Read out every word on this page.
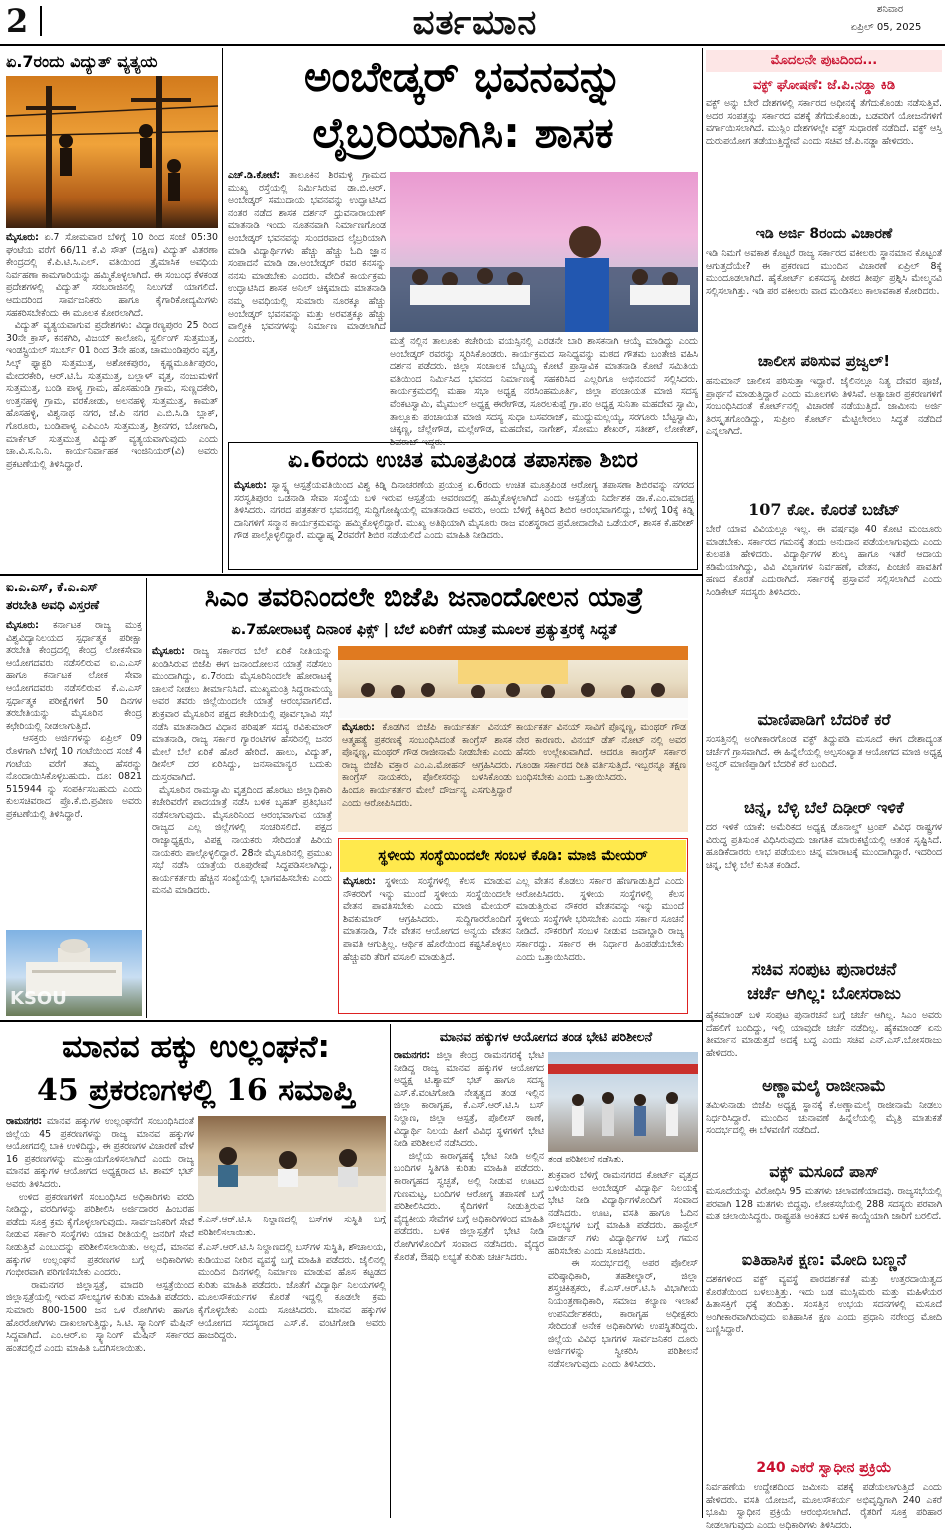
2	ವರ್ತಮಾನ	ಶನಿವಾರ
ಏಪ್ರಿಲ್ 05, 2025
ಏ.7ರಂದು ವಿದ್ಯುತ್ ವ್ಯತ್ಯಯ
ಮೈಸೂರು: ಏ.7 ಸೋಮವಾರ ಬೆಳಿಗ್ಗೆ 10 ರಿಂದ ಸಂಜೆ 05:30 ಘಂಟೆಯ ವರೆಗೆ 66/11 ಕೆ.ವಿ ಸೌತ್ (ದಕ್ಷಿಣ) ವಿದ್ಯುತ್ ವಿತರಣಾ ಕೇಂದ್ರದಲ್ಲಿ ಕೆ.ಪಿ.ಟಿ.ಸಿ.ಎಲ್. ವತಿಯಿಂದ ತ್ರೈಮಾಸಿಕ ಅವಧಿಯ ನಿರ್ವಹಣಾ ಕಾಮಗಾರಿಯನ್ನು ಹಮ್ಮಿಕೊಳ್ಳಲಾಗಿದೆ. ಈ ಸಂಬಂಧ ಕೆಳಕಂಡ ಪ್ರದೇಶಗಳಲ್ಲಿ ವಿದ್ಯುತ್ ಸರಬರಾಜಿನಲ್ಲಿ ನಿಲುಗಡೆ ಯಾಗಲಿದೆ. ಆದುದರಿಂದ ಸಾರ್ವಜನಿಕರು ಹಾಗೂ ಕೈಗಾರಿಕೋದ್ಯಮಿಗಳು ಸಹಕರಿಸಬೇಕೆಂದು ಈ ಮೂಲಕ ಕೋರಲಾಗಿದೆ.
ವಿದ್ಯುತ್ ವ್ಯತ್ಯಯವಾಗುವ ಪ್ರದೇಶಗಳು: ವಿದ್ಯಾರಣ್ಯಪುರಂ 25 ರಿಂದ 30ನೇ ಕ್ರಾಸ್, ಕನಕಗಿರಿ, ವಿಜಯ್ ಕಾಲೋನಿ, ಸ್ಟರ್ಲಿಂಗ್ ಸುತ್ತಮುತ್ತ, ಇಂಡಸ್ಟ್ರಿಯಲ್ ಸಬರ್ಬ್ 01 ರಿಂದ 3ನೇ ಹಂತ, ಚಾಮುಂಡಿಪುರಂ ವೃತ್ತ, ಸಿಲ್ಕ್ ಫ್ಯಾಕ್ಟರಿ ಸುತ್ತಮುತ್ತ, ಅಶೋಕಪುರಂ, ಕೃಷ್ಣಮೂರ್ತಿಪುರಂ, ಮೇದರಕೇರಿ, ಆರ್.ಟಿ.ಓ ಸುತ್ತಮುತ್ತ, ಬಲ್ಲಾಳ್ ವೃತ್ತ, ನಂಜುಮಳಿಗೆ ಸುತ್ತಮುತ್ತ, ಬಂಡಿ ಪಾಳ್ಯ ಗ್ರಾಮ, ಹೊಸಹುಂಡಿ ಗ್ರಾಮ, ಸುಣ್ಣದಕೇರಿ, ಉತ್ತನಹಳ್ಳಿ ಗ್ರಾಮ, ವರಕೋಡು, ಅಲನಹಳ್ಳಿ ಸುತ್ತಮುತ್ತ, ಕಾಮತ್ ಹೊಸಹಳ್ಳಿ, ವಿಶ್ವನಾಥ ನಗರ, ಜೆ.ಪಿ ನಗರ ಎ.ಬಿ.ಸಿ.ಡಿ ಬ್ಲಾಕ್, ಗೊರೂರು, ಬಂಡಿಪಾಳ್ಯ ಎಪಿಎಂಸಿ ಸುತ್ತಮುತ್ತ, ಶ್ರೀನಗರ, ಬೋಗಾದಿ, ಮಾರ್ಕೆಟ್ ಸುತ್ತಮುತ್ತ ವಿದ್ಯುತ್ ವ್ಯತ್ಯಯವಾಗುವುದು ಎಂದು ಚಾ.ವಿ.ಸ.ನಿ.ನಿ. ಕಾರ್ಯನಿರ್ವಾಹಕ ಇಂಜಿನಿಯರ್(ವಿ) ಅವರು ಪ್ರಕಟಣೆಯಲ್ಲಿ ತಿಳಿಸಿದ್ದಾರೆ.
ಅಂಬೇಡ್ಕರ್ ಭವನವನ್ನು
ಲೈಬ್ರರಿಯಾಗಿಸಿ: ಶಾಸಕ
ಎಚ್.ಡಿ.ಕೋಟೆ: ತಾಲೂಕಿನ ಶಿರಮಳ್ಳಿ ಗ್ರಾಮದ ಮುಖ್ಯ ರಸ್ತೆಯಲ್ಲಿ ನಿರ್ಮಿಸಿರುವ ಡಾ.ಬಿ.ಆರ್. ಅಂಬೇಡ್ಕರ್ ಸಮುದಾಯ ಭವನವನ್ನು ಉದ್ಘಾಟಿಸಿದ ನಂತರ ನಡೆದ ಶಾಸಕ ದರ್ಶನ್ ಧ್ರುವನಾರಾಯಣ್ ಮಾತನಾಡಿ ಇಂದು ನೂತನವಾಗಿ ನಿರ್ಮಾಣಗೊಂಡ ಅಂಬೇಡ್ಕರ್ ಭವನವನ್ನು ಸುಂದರವಾದ ಲೈಬ್ರರಿಯಾಗಿ ಮಾಡಿ ವಿದ್ಯಾರ್ಥಿಗಳು ಹೆಚ್ಚು ಹೆಚ್ಚು ಓದಿ ಜ್ಞಾನ ಸಂಪಾದನೆ ಮಾಡಿ ಡಾ.ಅಂಬೇಡ್ಕರ್ ರವರ ಕನಸನ್ನು ನನಸು ಮಾಡಬೇಕು ಎಂದರು. ವೇದಿಕೆ ಕಾರ್ಯಕ್ರಮ ಉದ್ಘಾಟಿಸಿದ ಶಾಸಕ ಅನಿಲ್ ಚಿಕ್ಕಮಾದು ಮಾತನಾಡಿ ನಮ್ಮ ಅವಧಿಯಲ್ಲಿ ಸುಮಾರು ನೂರಕ್ಕೂ ಹೆಚ್ಚು ಅಂಬೇಡ್ಕರ್ ಭವನವನ್ನು ಮತ್ತು ಅರವತ್ತಕ್ಕೂ ಹೆಚ್ಚು ವಾಲ್ಮೀಕಿ ಭವನಗಳನ್ನು ನಿರ್ಮಾಣ ಮಾಡಲಾಗಿದೆ ಎಂದರು.	ಮತ್ತೆ ನಲ್ಲಿನ ತಾಲೂಕು ಕಚೇರಿಯ ವಯಸ್ಸಿನಲ್ಲಿ ಎರಡನೇ ಬಾರಿ ಶಾಸಕನಾಗಿ ಆಯ್ಕೆ ಮಾಡಿದ್ದು ಎಂದು ಅಂಬೇಡ್ಕರ್ ರವರನ್ನು ಸ್ಮರಿಸಿಕೊಂಡರು. ಕಾರ್ಯಕ್ರಮದ ಸಾನಿಧ್ಯವನ್ನು ಮಠದ ಗೌತಮ ಬಂತೇಜಿ ವಹಿಸಿ ದರ್ಶನ ಪಡೆದರು. ಜಿಲ್ಲಾ ಸಂಚಾಲಕ ಬೆಟ್ಟಯ್ಯ ಕೋಟೆ ಪ್ರಾಸ್ತಾವಿಕ ಮಾತನಾಡಿ ಕೋಟೆ ಸಮಿತಿಯ ವತಿಯಿಂದ ನಿರ್ಮಿಸಿದ ಭವನದ ನಿರ್ಮಾಣಕ್ಕೆ ಸಹಕರಿಸಿದ ಎಲ್ಲರಿಗೂ ಅಭಿನಂದನೆ ಸಲ್ಲಿಸಿದರು. ಕಾರ್ಯಕ್ರಮದಲ್ಲಿ ಮಹಾ ಸಭಾ ಅಧ್ಯಕ್ಷ ನರಸಿಂಹಮೂರ್ತಿ, ಜಿಲ್ಲಾ ಪಂಚಾಯತ ಮಾಜಿ ಸದಸ್ಯ ವೆಂಕಟಸ್ವಾಮಿ, ಮೈಮುಲ್ ಅಧ್ಯಕ್ಷ ಈರೇಗೌಡ, ಸೂರಲಕುಪ್ಪೆ ಗ್ರಾ.ಪಂ ಅಧ್ಯಕ್ಷ ಸುನಿತಾ ಮಹದೇವ ಸ್ವಾಮಿ, ತಾಲ್ಲೂಕು ಪಂಚಾಯತ ಮಾಜಿ ಸದಸ್ಯ ಸುಧಾ ಬಸವರಾಜ್, ಮುದ್ದುಮಲ್ಲಯ್ಯ, ಸರಗೂರು ಬೆಟ್ಟಸ್ವಾಮಿ, ಚಿಕ್ಕಣ್ಣ, ಚೆಲ್ಲೇಗೌಡ, ಮಲ್ಲೇಗೌಡ, ಮಹದೇವ, ನಾಗೇಶ್, ಸೋಮು ಶೇಖರ್, ಸತೀಶ್, ಲೋಕೇಶ್, ಶಿವರಾಜ್ ಇದ್ದರು.
ಮೊದಲನೇ ಪುಟದಿಂದ...
ವಕ್ಫ್ ಘೋಷಣೆ: ಜೆ.ಪಿ.ನಡ್ಡಾ ಕಿಡಿ
ವಕ್ಫ್ ಅನ್ನು ಬೇರೆ ದೇಶಗಳಲ್ಲಿ ಸರ್ಕಾರದ ಅಧೀನಕ್ಕೆ ತೆಗೆದುಕೊಂಡು ನಡೆಸುತ್ತಿವೆ. ಅದರ ಸಂಪತ್ತನ್ನು ಸರ್ಕಾರದ ವಶಕ್ಕೆ ತೆಗೆದುಕೊಂಡು, ಬಡವರಿಗೆ ಯೋಜನೆಗಳಿಗೆ ವರ್ಗಾಯಿಸಲಾಗಿದೆ. ಮುಸ್ಲಿಂ ದೇಶಗಳಲ್ಲೇ ವಕ್ಫ್ ಸುಧಾರಣೆ ನಡೆದಿದೆ. ವಕ್ಫ್ ಆಸ್ತಿ ದುರುಪಯೋಗ ತಡೆಯುತ್ತಿದ್ದೇವೆ ಎಂದು ಸಚಿವ ಜೆ.ಪಿ.ನಡ್ಡಾ ಹೇಳಿದರು.
ಇಡಿ ಅರ್ಜಿ 8ರಂದು ವಿಚಾರಣೆ
ಇಡಿ ನಿಮಗೆ ಅವಕಾಶ ಕೊಟ್ಟರೆ ರಾಜ್ಯ ಸರ್ಕಾರದ ವಕೀಲರು ಸ್ಥಾನಮಾನ ಕೊಟ್ಟಂತೆ ಆಗುತ್ತದೆಯೇ? ಈ ಪ್ರಕರಣದ ಮುಂದಿನ ವಿಚಾರಣೆ ಏಪ್ರಿಲ್ 8ಕ್ಕೆ ಮುಂದೂಡಲಾಗಿದೆ. ಹೈಕೋರ್ಟ್ ಏಕಸದಸ್ಯ ಪೀಠದ ತೀರ್ಪು ಪ್ರಶ್ನಿಸಿ ಮೇಲ್ಮನವಿ ಸಲ್ಲಿಸಲಾಗಿತ್ತು. ಇಡಿ ಪರ ವಕೀಲರು ವಾದ ಮಂಡಿಸಲು ಕಾಲಾವಕಾಶ ಕೋರಿದರು.
ಚಾಲೀಸ ಪಠಿಸುವ ಪ್ರಜ್ವಲ್!
ಹನುಮಾನ್ ಚಾಲೀಸ ಪಠಿಸುತ್ತಾ ಇದ್ದಾರೆ. ಜೈಲಿನಲ್ಲೂ ನಿತ್ಯ ದೇವರ ಪೂಜೆ, ಪ್ರಾರ್ಥನೆ ಮಾಡುತ್ತಿದ್ದಾರೆ ಎಂದು ಮೂಲಗಳು ತಿಳಿಸಿವೆ. ಅತ್ಯಾಚಾರ ಪ್ರಕರಣಗಳಿಗೆ ಸಂಬಂಧಿಸಿದಂತೆ ಕೋರ್ಟ್‌ನಲ್ಲಿ ವಿಚಾರಣೆ ನಡೆಯುತ್ತಿದೆ. ಜಾಮೀನು ಅರ್ಜಿ ತಿರಸ್ಕೃತಗೊಂಡಿದ್ದು, ಸುಪ್ರೀಂ ಕೋರ್ಟ್ ಮೆಟ್ಟಿಲೇರಲು ಸಿದ್ಧತೆ ನಡೆದಿದೆ ಎನ್ನಲಾಗಿದೆ.
107 ಕೋ. ಕೊರತೆ ಬಜೆಟ್
ಬೇರೆ ಯಾವ ವಿವಿಯಲ್ಲೂ ಇಲ್ಲ. ಈ ವರ್ಷವೂ 40 ಕೋಟಿ ಮಂಜೂರು ಮಾಡಬೇಕು. ಸರ್ಕಾರದ ಗಮನಕ್ಕೆ ತಂದು ಅನುದಾನ ಪಡೆಯಲಾಗುವುದು ಎಂದು ಕುಲಪತಿ ಹೇಳಿದರು. ವಿದ್ಯಾರ್ಥಿಗಳ ಶುಲ್ಕ ಹಾಗೂ ಇತರೆ ಆದಾಯ ಕಡಿಮೆಯಾಗಿದ್ದು, ವಿವಿ ವಿಭಾಗಗಳ ನಿರ್ವಹಣೆ, ವೇತನ, ಪಿಂಚಣಿ ಪಾವತಿಗೆ ಹಣದ ಕೊರತೆ ಎದುರಾಗಿದೆ. ಸರ್ಕಾರಕ್ಕೆ ಪ್ರಸ್ತಾವನೆ ಸಲ್ಲಿಸಲಾಗಿದೆ ಎಂದು ಸಿಂಡಿಕೇಟ್ ಸದಸ್ಯರು ತಿಳಿಸಿದರು.
ಮಾಣಿಪಾಡಿಗೆ ಬೆದರಿಕೆ ಕರೆ
ಸಂಸತ್ತಿನಲ್ಲಿ ಅಂಗೀಕಾರಗೊಂಡ ವಕ್ಫ್ ತಿದ್ದುಪಡಿ ಮಸೂದೆ ಈಗ ದೇಶಾದ್ಯಂತ ಚರ್ಚೆಗೆ ಗ್ರಾಸವಾಗಿದೆ. ಈ ಹಿನ್ನೆಲೆಯಲ್ಲಿ ಅಲ್ಪಸಂಖ್ಯಾತ ಆಯೋಗದ ಮಾಜಿ ಅಧ್ಯಕ್ಷ ಅನ್ವರ್ ಮಾಣಿಪ್ಪಾಡಿಗೆ ಬೆದರಿಕೆ ಕರೆ ಬಂದಿದೆ.
ಚಿನ್ನ, ಬೆಳ್ಳಿ ಬೆಲೆ ದಿಢೀರ್ ಇಳಿಕೆ
ದರ ಇಳಿಕೆ ಯಾಕೆ: ಅಮೆರಿಕದ ಅಧ್ಯಕ್ಷ ಡೊನಾಲ್ಡ್ ಟ್ರಂಪ್ ವಿವಿಧ ರಾಷ್ಟ್ರಗಳ ವಿರುದ್ಧ ಪ್ರತಿಸುಂಕ ವಿಧಿಸಿರುವುದು ಜಾಗತಿಕ ಮಾರುಕಟ್ಟೆಯಲ್ಲಿ ಆತಂಕ ಸೃಷ್ಟಿಸಿದೆ. ಹೂಡಿಕೆದಾರರು ಲಾಭ ಪಡೆಯಲು ಚಿನ್ನ ಮಾರಾಟಕ್ಕೆ ಮುಂದಾಗಿದ್ದಾರೆ. ಇದರಿಂದ ಚಿನ್ನ, ಬೆಳ್ಳಿ ಬೆಲೆ ಕುಸಿತ ಕಂಡಿದೆ.
ಸಚಿವ ಸಂಪುಟ ಪುನಾರಚನೆ
ಚರ್ಚೆ ಆಗಿಲ್ಲ: ಬೋಸರಾಜು
ಹೈಕಮಾಂಡ್ ಬಳಿ ಸಂಪುಟ ಪುನಾರಚನೆ ಬಗ್ಗೆ ಚರ್ಚೆ ಆಗಿಲ್ಲ. ಸಿಎಂ ಅವರು ದೆಹಲಿಗೆ ಬಂದಿದ್ದು, ಇಲ್ಲಿ ಯಾವುದೇ ಚರ್ಚೆ ನಡೆದಿಲ್ಲ. ಹೈಕಮಾಂಡ್ ಏನು ತೀರ್ಮಾನ ಮಾಡುತ್ತದೆ ಅದಕ್ಕೆ ಬದ್ಧ ಎಂದು ಸಚಿವ ಎನ್.ಎಸ್.ಬೋಸರಾಜು ಹೇಳಿದರು.
ಅಣ್ಣಾಮಲೈ ರಾಜೀನಾಮೆ
ತಮಿಳುನಾಡು ಬಿಜೆಪಿ ಅಧ್ಯಕ್ಷ ಸ್ಥಾನಕ್ಕೆ ಕೆ.ಅಣ್ಣಾಮಲೈ ರಾಜೀನಾಮೆ ನೀಡಲು ನಿರ್ಧರಿಸಿದ್ದಾರೆ. ಮುಂದಿನ ಚುನಾವಣೆ ಹಿನ್ನೆಲೆಯಲ್ಲಿ ಮೈತ್ರಿ ಮಾತುಕತೆ ಸಂದರ್ಭದಲ್ಲಿ ಈ ಬೆಳವಣಿಗೆ ನಡೆದಿದೆ.
ವಕ್ಫ್ ಮಸೂದೆ ಪಾಸ್
ಮಸೂದೆಯನ್ನು ವಿರೋಧಿಸಿ 95 ಮತಗಳು ಚಲಾವಣೆಯಾದವು. ರಾಜ್ಯಸಭೆಯಲ್ಲಿ ಪರವಾಗಿ 128 ಮತಗಳು ಬಿದ್ದವು. ಲೋಕಸಭೆಯಲ್ಲಿ 288 ಸದಸ್ಯರು ಪರವಾಗಿ ಮತ ಚಲಾಯಿಸಿದ್ದರು. ರಾಷ್ಟ್ರಪತಿ ಅಂಕಿತದ ಬಳಿಕ ಕಾಯ್ದೆಯಾಗಿ ಜಾರಿಗೆ ಬರಲಿದೆ.
ಐತಿಹಾಸಿಕ ಕ್ಷಣ: ಮೋದಿ ಬಣ್ಣನೆ
ದಶಕಗಳಿಂದ ವಕ್ಫ್ ವ್ಯವಸ್ಥೆ ಪಾರದರ್ಶಕತೆ ಮತ್ತು ಉತ್ತರದಾಯಿತ್ವದ ಕೊರತೆಯಿಂದ ಬಳಲುತ್ತಿತ್ತು. ಇದು ಬಡ ಮುಸ್ಲಿಮರು ಮತ್ತು ಮಹಿಳೆಯರ ಹಿತಾಸಕ್ತಿಗೆ ಧಕ್ಕೆ ತಂದಿತ್ತು. ಸಂಸತ್ತಿನ ಉಭಯ ಸದನಗಳಲ್ಲಿ ಮಸೂದೆ ಅಂಗೀಕಾರವಾಗಿರುವುದು ಐತಿಹಾಸಿಕ ಕ್ಷಣ ಎಂದು ಪ್ರಧಾನಿ ನರೇಂದ್ರ ಮೋದಿ ಬಣ್ಣಿಸಿದ್ದಾರೆ.
240 ಎಕರೆ ಸ್ವಾಧೀನ ಪ್ರಕ್ರಿಯೆ
ನಿರ್ವಹಣೆಯ ಉದ್ದೇಶದಿಂದ ಜಮೀನು ವಶಕ್ಕೆ ಪಡೆಯಲಾಗುತ್ತಿದೆ ಎಂದು ಹೇಳಿದರು. ವಸತಿ ಯೋಜನೆ, ಮೂಲಸೌಕರ್ಯ ಅಭಿವೃದ್ಧಿಗಾಗಿ 240 ಎಕರೆ ಭೂಮಿ ಸ್ವಾಧೀನ ಪ್ರಕ್ರಿಯೆ ಆರಂಭಿಸಲಾಗಿದೆ. ರೈತರಿಗೆ ಸೂಕ್ತ ಪರಿಹಾರ ನೀಡಲಾಗುವುದು ಎಂದು ಅಧಿಕಾರಿಗಳು ತಿಳಿಸಿದರು.
ಏ.6ರಂದು ಉಚಿತ ಮೂತ್ರಪಿಂಡ ತಪಾಸಣಾ ಶಿಬಿರ
ಮೈಸೂರು: ಸ್ವಾಸ್ಥ್ಯ ಆಸ್ಪತ್ರೆಯವತಿಯಿಂದ ವಿಶ್ವ ಕಿಡ್ನಿ ದಿನಾಚರಣೆಯ ಪ್ರಯುಕ್ತ ಏ.6ರಂದು ಉಚಿತ ಮೂತ್ರಪಿಂಡ ಆರೋಗ್ಯ ತಪಾಸಣಾ ಶಿಬಿರವನ್ನು ನಗರದ ಸರಸ್ವತಿಪುರಂ ಒಡನಾಡಿ ಸೇವಾ ಸಂಸ್ಥೆಯ ಬಳಿ ಇರುವ ಆಸ್ಪತ್ರೆಯ ಆವರಣದಲ್ಲಿ ಹಮ್ಮಿಕೊಳ್ಳಲಾಗಿದೆ ಎಂದು ಆಸ್ಪತ್ರೆಯ ನಿರ್ದೇಶಕ ಡಾ.ಕೆ.ಎಂ.ಮಾದಪ್ಪ ತಿಳಿಸಿದರು. ನಗರದ ಪತ್ರಕರ್ತರ ಭವನದಲ್ಲಿ ಸುದ್ದಿಗೋಷ್ಠಿಯಲ್ಲಿ ಮಾತನಾಡಿದ ಅವರು, ಅಂದು ಬೆಳಿಗ್ಗೆ ಕಿಕ್ಕಿರಿದ ಶಿಬಿರ ಆರಂಭವಾಗಲಿದ್ದು, ಬೆಳಿಗ್ಗೆ 10ಕ್ಕೆ ಕಿಡ್ನಿ ದಾನಿಗಳಿಗೆ ಸನ್ಮಾನ ಕಾರ್ಯಕ್ರಮವನ್ನು ಹಮ್ಮಿಕೊಳ್ಳಲಿದ್ದಾರೆ. ಮುಖ್ಯ ಅತಿಥಿಯಾಗಿ ಮೈಸೂರು ರಾಜ ವಂಶಸ್ಥರಾದ ಪ್ರಮೋದಾದೇವಿ ಒಡೆಯರ್, ಶಾಸಕ ಕೆ.ಹರೀಶ್ ಗೌಡ ಪಾಲ್ಗೊಳ್ಳಲಿದ್ದಾರೆ. ಮಧ್ಯಾಹ್ನ 2ರವರೆಗೆ ಶಿಬಿರ ನಡೆಯಲಿದೆ ಎಂದು ಮಾಹಿತಿ ನೀಡಿದರು.
ಐ.ಎ.ಎಸ್, ಕೆ.ಎ.ಎಸ್
ತರಬೇತಿ ಅವಧಿ ವಿಸ್ತರಣೆ
ಮೈಸೂರು: ಕರ್ನಾಟಕ ರಾಜ್ಯ ಮುಕ್ತ ವಿಶ್ವವಿದ್ಯಾನಿಲಯದ ಸ್ಪರ್ಧಾತ್ಮಕ ಪರೀಕ್ಷಾ ತರಬೇತಿ ಕೇಂದ್ರದಲ್ಲಿ ಕೇಂದ್ರ ಲೋಕಸೇವಾ ಆಯೋಗದವರು ನಡೆಸಲಿರುವ ಐ.ಎ.ಎಸ್ ಹಾಗೂ ಕರ್ನಾಟಕ ಲೋಕ ಸೇವಾ ಆಯೋಗದವರು ನಡೆಸಲಿರುವ ಕೆ.ಎ.ಎಸ್ ಸ್ಪರ್ಧಾತ್ಮಕ ಪರೀಕ್ಷೆಗಳಿಗೆ 50 ದಿನಗಳ ತರಬೇತಿಯನ್ನು ಮೈಸೂರಿನ ಕೇಂದ್ರ ಕಛೇರಿಯಲ್ಲಿ ನೀಡಲಾಗುತ್ತಿದೆ.
ಆಸಕ್ತರು ಅರ್ಜಿಗಳನ್ನು ಏಪ್ರಿಲ್ 09 ರೊಳಗಾಗಿ ಬೆಳಿಗ್ಗೆ 10 ಗಂಟೆಯಿಂದ ಸಂಜೆ 4 ಗಂಟೆಯ ವರೆಗೆ ತಮ್ಮ ಹೆಸರನ್ನು ನೊಂದಾಯಿಸಿಕೊಳ್ಳಬಹುದು. ದೂ: 0821 515944 ನ್ನು ಸಂಪರ್ಕಿಸಬಹುದು ಎಂದು ಕುಲಸಚಿವರಾದ ಪ್ರೊ.ಕೆ.ಬಿ.ಪ್ರವೀಣ ಅವರು ಪ್ರಕಟಣೆಯಲ್ಲಿ ತಿಳಿಸಿದ್ದಾರೆ.
KSOU
ಸಿಎಂ ತವರಿನಿಂದಲೇ ಬಿಜೆಪಿ ಜನಾಂದೋಲನ ಯಾತ್ರೆ
ಏ.7ಹೋರಾಟಕ್ಕೆ ದಿನಾಂಕ ಫಿಕ್ಸ್ | ಬೆಲೆ ಏರಿಕೆಗೆ ಯಾತ್ರೆ ಮೂಲಕ ಪ್ರತ್ಯುತ್ತರಕ್ಕೆ ಸಿದ್ಧತೆ
ಮೈಸೂರು: ರಾಜ್ಯ ಸರ್ಕಾರದ ಬೆಲೆ ಏರಿಕೆ ನೀತಿಯನ್ನು ಖಂಡಿಸಿರುವ ಬಿಜೆಪಿ ಈಗ ಜನಾಂದೋಲನ ಯಾತ್ರೆ ನಡೆಸಲು ಮುಂದಾಗಿದ್ದು, ಏ.7ರಂದು ಮೈಸೂರಿನಿಂದಲೇ ಹೋರಾಟಕ್ಕೆ ಚಾಲನೆ ನೀಡಲು ತೀರ್ಮಾನಿಸಿದೆ. ಮುಖ್ಯಮಂತ್ರಿ ಸಿದ್ದರಾಮಯ್ಯ ಅವರ ತವರು ಜಿಲ್ಲೆಯಿಂದಲೇ ಯಾತ್ರೆ ಆರಂಭವಾಗಲಿದೆ. ಶುಕ್ರವಾರ ಮೈಸೂರಿನ ಪಕ್ಷದ ಕಚೇರಿಯಲ್ಲಿ ಪೂರ್ವಭಾವಿ ಸಭೆ ನಡೆಸಿ ಮಾತನಾಡಿದ ವಿಧಾನ ಪರಿಷತ್ ಸದಸ್ಯ ರವಿಕುಮಾರ್ ಮಾತನಾಡಿ, ರಾಜ್ಯ ಸರ್ಕಾರ ಗ್ಯಾರಂಟಿಗಳ ಹೆಸರಿನಲ್ಲಿ ಜನರ ಮೇಲೆ ಬೆಲೆ ಏರಿಕೆ ಹೊರೆ ಹೇರಿದೆ. ಹಾಲು, ವಿದ್ಯುತ್, ಡೀಸೆಲ್ ದರ ಏರಿಸಿದ್ದು, ಜನಸಾಮಾನ್ಯರ ಬದುಕು ದುಸ್ತರವಾಗಿದೆ.
ಮೈಸೂರಿನ ರಾಮಸ್ವಾಮಿ ವೃತ್ತದಿಂದ ಹೊರಟು ಜಿಲ್ಲಾಧಿಕಾರಿ ಕಚೇರಿವರೆಗೆ ಪಾದಯಾತ್ರೆ ನಡೆಸಿ ಬಳಿಕ ಬೃಹತ್ ಪ್ರತಿಭಟನೆ ನಡೆಸಲಾಗುವುದು. ಮೈಸೂರಿನಿಂದ ಆರಂಭವಾಗುವ ಯಾತ್ರೆ ರಾಜ್ಯದ ಎಲ್ಲ ಜಿಲ್ಲೆಗಳಲ್ಲಿ ಸಂಚರಿಸಲಿದೆ. ಪಕ್ಷದ ರಾಜ್ಯಾಧ್ಯಕ್ಷರು, ವಿಪಕ್ಷ ನಾಯಕರು ಸೇರಿದಂತೆ ಹಿರಿಯ ನಾಯಕರು ಪಾಲ್ಗೊಳ್ಳಲಿದ್ದಾರೆ. 28ನೇ ಮೈಸೂರಿನಲ್ಲಿ ಪ್ರಮುಖ ಸಭೆ ನಡೆಸಿ ಯಾತ್ರೆಯ ರೂಪುರೇಷೆ ಸಿದ್ಧಪಡಿಸಲಾಗಿದ್ದು, ಕಾರ್ಯಕರ್ತರು ಹೆಚ್ಚಿನ ಸಂಖ್ಯೆಯಲ್ಲಿ ಭಾಗವಹಿಸಬೇಕು ಎಂದು ಮನವಿ ಮಾಡಿದರು.
ಮೈಸೂರು: ಕೊಡಗಿನ ಬಿಜೆಪಿ ಕಾರ್ಯಕರ್ತ ವಿನಯ್ ಆತ್ಮಹತ್ಯೆ ಪ್ರಕರಣಕ್ಕೆ ಸಂಬಂಧಿಸಿದಂತೆ ಕಾಂಗ್ರೆಸ್ ಶಾಸಕ ಪೊನ್ನಣ್ಣ, ಮಂಥರ್ ಗೌಡ ರಾಜೀನಾಮೆ ನೀಡಬೇಕು ಎಂದು ರಾಜ್ಯ ಬಿಜೆಪಿ ವಕ್ತಾರ ಎಂ.ಎ.ಮೋಹನ್ ಆಗ್ರಹಿಸಿದರು. ಕಾಂಗ್ರೆಸ್ ನಾಯಕರು, ಪೊಲೀಸರನ್ನು ಬಳಸಿಕೊಂಡು ಹಿಂದೂ ಕಾರ್ಯಕರ್ತರ ಮೇಲೆ ದೌರ್ಜನ್ಯ ಎಸಗುತ್ತಿದ್ದಾರೆ ಎಂದು ಆರೋಪಿಸಿದರು.
ಕಾರ್ಯಕರ್ತ ವಿನಯ್ ಸಾವಿಗೆ ಪೊನ್ನಣ್ಣ, ಮಂಥರ್ ಗೌಡ ನೇರ ಕಾರಣರು. ವಿನಯ್ ಡೆತ್ ನೋಟ್ ನಲ್ಲಿ ಅವರ ಹೆಸರು ಉಲ್ಲೇಖವಾಗಿದೆ. ಆದರೂ ಕಾಂಗ್ರೆಸ್ ಸರ್ಕಾರ ಗೂಂಡಾ ಸರ್ಕಾರದ ರೀತಿ ವರ್ತಿಸುತ್ತಿದೆ. ಇಬ್ಬರನ್ನೂ ತಕ್ಷಣ ಬಂಧಿಸಬೇಕು ಎಂದು ಒತ್ತಾಯಿಸಿದರು.
ಸ್ಥಳೀಯ ಸಂಸ್ಥೆಯಿಂದಲೇ ಸಂಬಳ ಕೊಡಿ: ಮಾಜಿ ಮೇಯರ್
ಮೈಸೂರು: ಸ್ಥಳೀಯ ಸಂಸ್ಥೆಗಳಲ್ಲಿ ಕೆಲಸ ಮಾಡುವ ನೌಕರರಿಗೆ ಇನ್ನು ಮುಂದೆ ಸ್ಥಳೀಯ ಸಂಸ್ಥೆಯಿಂದಲೇ ವೇತನ ಪಾವತಿಸಬೇಕು ಎಂದು ಮಾಜಿ ಮೇಯರ್ ಶಿವಕುಮಾರ್ ಆಗ್ರಹಿಸಿದರು. ಸುದ್ದಿಗಾರರೊಂದಿಗೆ ಮಾತನಾಡಿ, 7ನೇ ವೇತನ ಆಯೋಗದ ಅನ್ವಯ ವೇತನ ಪಾವತಿ ಆಗುತ್ತಿಲ್ಲ. ಆರ್ಥಿಕ ಹೊರೆಯಿಂದ ಕಷ್ಟಸಿಕೊಳ್ಳಲು ಹೆಚ್ಚುವರಿ ತೆರಿಗೆ ವಸೂಲಿ ಮಾಡುತ್ತಿದೆ.
ಎಲ್ಲ ವೇತನ ಕೊಡಲು ಸರ್ಕಾರ ಹೆಣಗಾಡುತ್ತಿದೆ ಎಂದು ಆರೋಪಿಸಿದರು. ಸ್ಥಳೀಯ ಸಂಸ್ಥೆಗಳಲ್ಲಿ ಕೆಲಸ ಮಾಡುತ್ತಿರುವ ನೌಕರರ ವೇತನವನ್ನು ಇನ್ನು ಮುಂದೆ ಸ್ಥಳೀಯ ಸಂಸ್ಥೆಗಳೇ ಭರಿಸಬೇಕು ಎಂದು ಸರ್ಕಾರ ಸೂಚನೆ ನೀಡಿದೆ. ನೌಕರರಿಗೆ ಸಂಬಳ ನೀಡುವ ಜವಾಬ್ದಾರಿ ರಾಜ್ಯ ಸರ್ಕಾರದ್ದು. ಸರ್ಕಾರ ಈ ನಿರ್ಧಾರ ಹಿಂಪಡೆಯಬೇಕು ಎಂದು ಒತ್ತಾಯಿಸಿದರು.
ಮಾನವ ಹಕ್ಕು ಉಲ್ಲಂಘನೆ:
45 ಪ್ರಕರಣಗಳಲ್ಲಿ 16 ಸಮಾಪ್ತಿ
ರಾಮನಗರ: ಮಾನವ ಹಕ್ಕುಗಳ ಉಲ್ಲಂಘನೆಗೆ ಸಂಬಂಧಿಸಿದಂತೆ ಜಿಲ್ಲೆಯ 45 ಪ್ರಕರಣಗಳನ್ನು ರಾಜ್ಯ ಮಾನವ ಹಕ್ಕುಗಳ ಆಯೋಗದಲ್ಲಿ ಬಾಕಿ ಉಳಿದಿದ್ದು, ಈ ಪ್ರಕರಣಗಳ ವಿಚಾರಣೆ ವೇಳೆ 16 ಪ್ರಕರಣಗಳನ್ನು ಮುಕ್ತಾಯಗೊಳಿಸಲಾಗಿದೆ ಎಂದು ರಾಜ್ಯ ಮಾನವ ಹಕ್ಕುಗಳ ಆಯೋಗದ ಅಧ್ಯಕ್ಷರಾದ ಟಿ. ಶಾಮ್ ಭಟ್ ಅವರು ತಿಳಿಸಿದರು.
ಉಳಿದ ಪ್ರಕರಣಗಳಿಗೆ ಸಂಬಂಧಿಸಿದ ಅಧಿಕಾರಿಗಳು ವರದಿ ನೀಡಿದ್ದು, ವರದಿಗಳನ್ನು ಪರಿಶೀಲಿಸಿ ಅರ್ಜಿದಾರರ ಹಿಂಬರಹ ಪಡೆದು ಸೂಕ್ತ ಕ್ರಮ ಕೈಗೊಳ್ಳಲಾಗುವುದು. ಸಾರ್ವಜನಿಕರಿಗೆ ಸೇವೆ ನೀಡುವ ಸರ್ಕಾರಿ ಸಂಸ್ಥೆಗಳು ಯಾವ ರೀತಿಯಲ್ಲಿ ಜನರಿಗೆ ಸೇವೆ ನೀಡುತ್ತಿವೆ ಎಂಬುದನ್ನು ಪರಿಶೀಲಿಸಲಾಯಿತು. ಅಲ್ಲದೆ, ಮಾನವ ಹಕ್ಕುಗಳ ಉಲ್ಲಂಘನೆ ಪ್ರಕರಣಗಳ ಬಗ್ಗೆ ಅಧಿಕಾರಿಗಳು ಗಂಭೀರವಾಗಿ ಪರಿಗಣಿಸಬೇಕು ಎಂದರು.
ರಾಮನಗರ ಜಿಲ್ಲಾಸ್ಪತ್ರೆ, ಮಾದರಿ ಆಸ್ಪತ್ರೆಯಿಂದ ಜಿಲ್ಲಾಸ್ಪತ್ರೆಯಲ್ಲಿ ಇರುವ ಸೌಲಭ್ಯಗಳ ಕುರಿತು ಮಾಹಿತಿ ಪಡೆದರು. ಸುಮಾರು 800-1500 ಜನ ಒಳ ರೋಗಿಗಳು ಹಾಗೂ ಹೊರರೋಗಿಗಳು ದಾಖಲಾಗುತ್ತಿದ್ದು, ಸಿ.ಟಿ. ಸ್ಕ್ಯಾನಿಂಗ್ ಮೆಷಿನ್ ಸಿದ್ದವಾಗಿದೆ. ಎಂ.ಆರ್.ಐ ಸ್ಕ್ಯಾನಿಂಗ್ ಮೆಷಿನ್ ಸರ್ಕಾರದ ಹಂತದಲ್ಲಿದೆ ಎಂದು ಮಾಹಿತಿ ಒದಗಿಸಲಾಯಿತು.
ಕೆ.ಎಸ್.ಆರ್.ಟಿ.ಸಿ ನಿಲ್ದಾಣದಲ್ಲಿ ಬಸ್‌ಗಳ ಸುಸ್ಥಿತಿ ಬಗ್ಗೆ ಪರಿಶೀಲಿಸಲಾಯಿತು.
ಕೆ.ಎಸ್.ಆರ್.ಟಿ.ಸಿ ನಿಲ್ದಾಣದಲ್ಲಿ ಬಸ್‌ಗಳ ಸುಸ್ಥಿತಿ, ಶೌಚಾಲಯ, ಕುಡಿಯುವ ನೀರಿನ ವ್ಯವಸ್ಥೆ ಬಗ್ಗೆ ಮಾಹಿತಿ ಪಡೆದರು. ಜೈಲಿನಲ್ಲಿ ಮುಂದಿನ ದಿನಗಳಲ್ಲಿ ನಿರ್ಮಾಣ ಮಾಡುವ ಹೊಸ ಕಟ್ಟಡದ ಕುರಿತು ಮಾಹಿತಿ ಪಡೆದರು. ಜೊತೆಗೆ ವಿದ್ಯಾರ್ಥಿ ನಿಲಯಗಳಲ್ಲಿ ಮೂಲಸೌಕರ್ಯಗಳ ಕೊರತೆ ಇದ್ದಲ್ಲಿ ಕೂಡಲೇ ಕ್ರಮ ಕೈಗೊಳ್ಳಬೇಕು ಎಂದು ಸೂಚಿಸಿದರು. ಮಾನವ ಹಕ್ಕುಗಳ ಆಯೋಗದ ಸದಸ್ಯರಾದ ಎಸ್.ಕೆ. ವಂಟಿಗೋಡಿ ಅವರು ಹಾಜರಿದ್ದರು.
ಮಾನವ ಹಕ್ಕುಗಳ ಆಯೋಗದ ತಂಡ ಭೇಟಿ ಪರಿಶೀಲನೆ
ರಾಮನಗರ: ಜಿಲ್ಲಾ ಕೇಂದ್ರ ರಾಮನಗರಕ್ಕೆ ಭೇಟಿ ನೀಡಿದ್ದ ರಾಜ್ಯ ಮಾನವ ಹಕ್ಕುಗಳ ಆಯೋಗದ ಅಧ್ಯಕ್ಷ ಟಿ.ಶ್ಯಾಮ್ ಭಟ್ ಹಾಗೂ ಸದಸ್ಯ ಎಸ್.ಕೆ.ವಂಟಿಗೋಡಿ ನೇತೃತ್ವದ ತಂಡ ಇಲ್ಲಿನ ಜಿಲ್ಲಾ ಕಾರಾಗೃಹ, ಕೆ.ಎಸ್.ಆರ್.ಟಿ.ಸಿ ಬಸ್ ನಿಲ್ದಾಣ, ಜಿಲ್ಲಾ ಆಸ್ಪತ್ರೆ, ಪೊಲೀಸ್ ಠಾಣೆ, ವಿದ್ಯಾರ್ಥಿ ನಿಲಯ ಹೀಗೆ ವಿವಿಧ ಸ್ಥಳಗಳಿಗೆ ಭೇಟಿ ನೀಡಿ ಪರಿಶೀಲನೆ ನಡೆಸಿದರು.
ಜಿಲ್ಲೆಯ ಕಾರಾಗೃಹಕ್ಕೆ ಭೇಟಿ ನೀಡಿ ಅಲ್ಲಿನ ಬಂದಿಗಳ ಸ್ಥಿತಿಗತಿ ಕುರಿತು ಮಾಹಿತಿ ಪಡೆದರು. ಕಾರಾಗೃಹದ ಸ್ವಚ್ಛತೆ, ಅಲ್ಲಿ ನೀಡುವ ಊಟದ ಗುಣಮಟ್ಟ, ಬಂದಿಗಳ ಆರೋಗ್ಯ ತಪಾಸಣೆ ಬಗ್ಗೆ ಪರಿಶೀಲಿಸಿದರು. ಕೈದಿಗಳಿಗೆ ನೀಡುತ್ತಿರುವ ವೈದ್ಯಕೀಯ ಸೇವೆಗಳ ಬಗ್ಗೆ ಅಧಿಕಾರಿಗಳಿಂದ ಮಾಹಿತಿ ಪಡೆದರು. ಬಳಿಕ ಜಿಲ್ಲಾಸ್ಪತ್ರೆಗೆ ಭೇಟಿ ನೀಡಿ ರೋಗಿಗಳೊಂದಿಗೆ ಸಂವಾದ ನಡೆಸಿದರು. ವೈದ್ಯರ ಕೊರತೆ, ಔಷಧಿ ಲಭ್ಯತೆ ಕುರಿತು ಚರ್ಚಿಸಿದರು.
ತಂಡ ಪರಿಶೀಲನೆ ನಡೆಸಿತು.
ಶುಕ್ರವಾರ ಬೆಳಿಗ್ಗೆ ರಾಮನಗರದ ಕೋರ್ಟ್ ವೃತ್ತದ ಬಳಿಯಿರುವ ಅಂಬೇಡ್ಕರ್ ವಿದ್ಯಾರ್ಥಿ ನಿಲಯಕ್ಕೆ ಭೇಟಿ ನೀಡಿ ವಿದ್ಯಾರ್ಥಿಗಳೊಂದಿಗೆ ಸಂವಾದ ನಡೆಸಿದರು. ಊಟ, ವಸತಿ ಹಾಗೂ ಓದಿನ ಸೌಲಭ್ಯಗಳ ಬಗ್ಗೆ ಮಾಹಿತಿ ಪಡೆದರು. ಹಾಸ್ಟೆಲ್ ವಾರ್ಡನ್ ಗಳು ವಿದ್ಯಾರ್ಥಿಗಳ ಬಗ್ಗೆ ಗಮನ ಹರಿಸಬೇಕು ಎಂದು ಸೂಚಿಸಿದರು.
ಈ ಸಂದರ್ಭದಲ್ಲಿ ಅಪರ ಪೊಲೀಸ್ ವರಿಷ್ಠಾಧಿಕಾರಿ, ತಹಶೀಲ್ದಾರ್, ಜಿಲ್ಲಾ ಶಸ್ತ್ರಚಿಕಿತ್ಸಕರು, ಕೆ.ಎಸ್.ಆರ್.ಟಿ.ಸಿ ವಿಭಾಗೀಯ ನಿಯಂತ್ರಣಾಧಿಕಾರಿ, ಸಮಾಜ ಕಲ್ಯಾಣ ಇಲಾಖೆ ಉಪನಿರ್ದೇಶಕರು, ಕಾರಾಗೃಹ ಅಧೀಕ್ಷಕರು ಸೇರಿದಂತೆ ಅನೇಕ ಅಧಿಕಾರಿಗಳು ಉಪಸ್ಥಿತರಿದ್ದರು. ಜಿಲ್ಲೆಯ ವಿವಿಧ ಭಾಗಗಳ ಸಾರ್ವಜನಿಕರ ದೂರು ಅರ್ಜಿಗಳನ್ನು ಸ್ವೀಕರಿಸಿ ಪರಿಶೀಲನೆ ನಡೆಸಲಾಗುವುದು ಎಂದು ತಿಳಿಸಿದರು.
